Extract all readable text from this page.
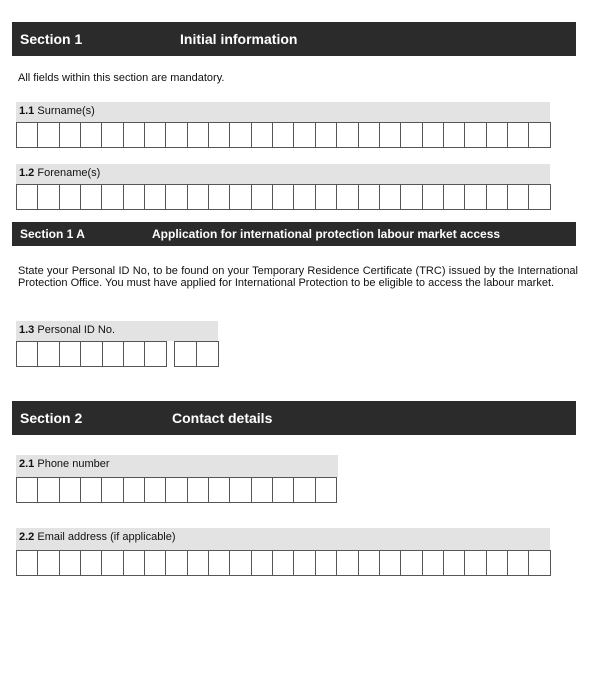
Section 1	Initial information
All fields within this section are mandatory.
1.1 Surname(s)
1.2 Forename(s)
Section 1 A	Application for international protection labour market access
State your Personal ID No, to be found on your Temporary Residence Certificate (TRC) issued by the International Protection Office. You must have applied for International Protection to be eligible to access the labour market.
1.3 Personal ID No.
Section 2	Contact details
2.1 Phone number
2.2 Email address (if applicable)
